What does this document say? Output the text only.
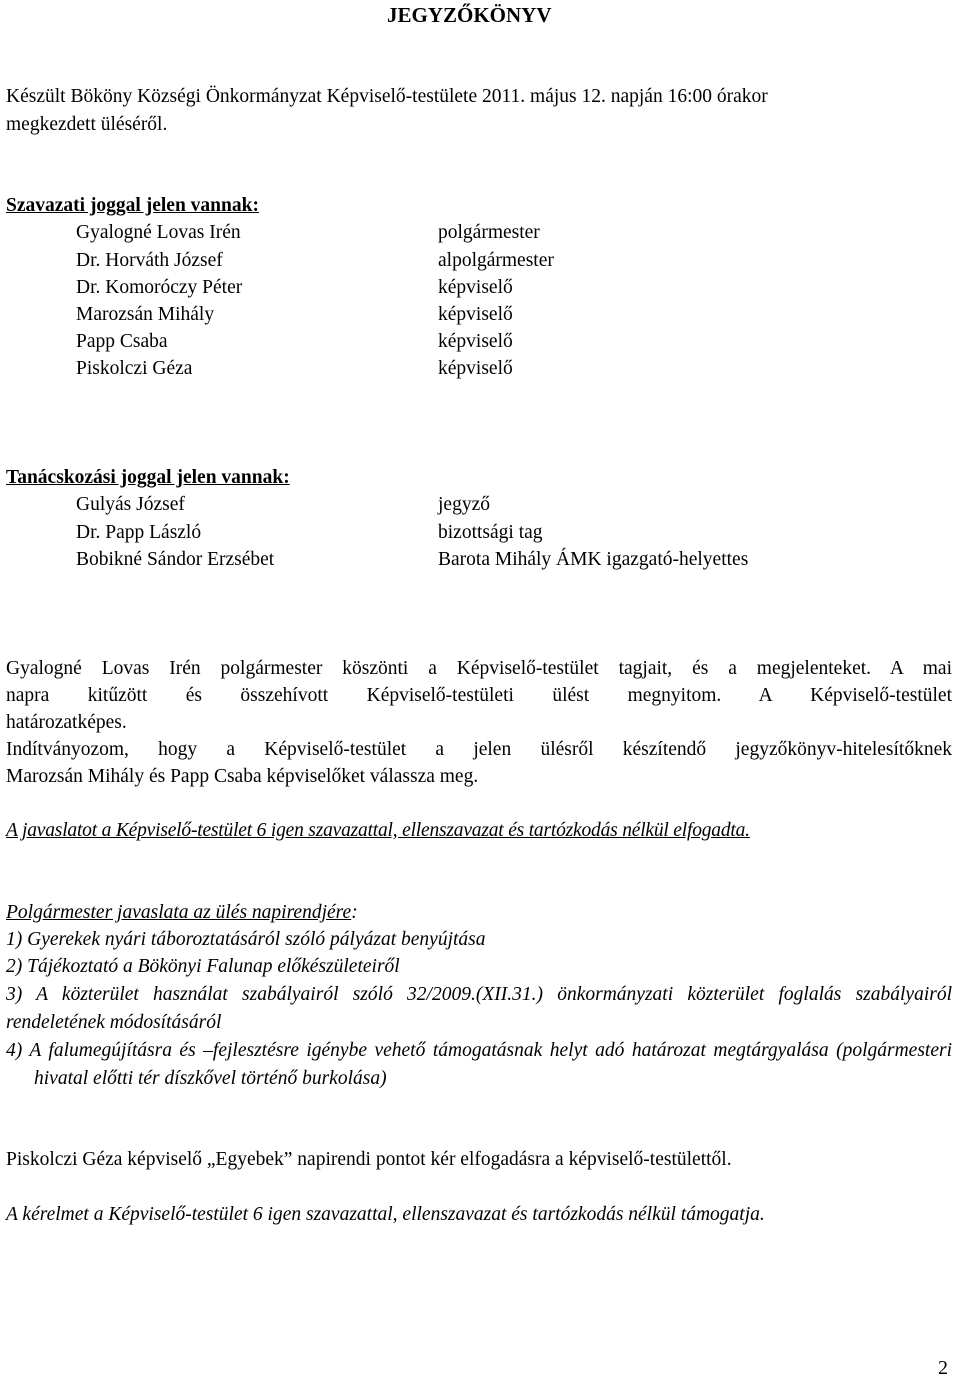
JEGYZŐKÖNYV
Készült Bököny Községi Önkormányzat Képviselő-testülete 2011. május 12. napján 16:00 órakor
megkezdett üléséről.
Szavazati joggal jelen vannak:
Gyalogné Lovas Irén	polgármester
Dr. Horváth József	alpolgármester
Dr. Komoróczy Péter	képviselő
Marozsán Mihály	képviselő
Papp Csaba	képviselő
Piskolczi Géza	képviselő
Tanácskozási joggal jelen vannak:
Gulyás József	jegyző
Dr. Papp László	bizottsági tag
Bobikné Sándor Erzsébet	Barota Mihály ÁMK igazgató-helyettes
Gyalogné Lovas Irén polgármester köszönti a Képviselő-testület tagjait, és a megjelenteket. A mai
napra kitűzött és összehívott Képviselő-testületi ülést megnyitom. A Képviselő-testület
határozatképes.
Indítványozom, hogy a Képviselő-testület a jelen ülésről készítendő jegyzőkönyv-hitelesítőknek
Marozsán Mihály és Papp Csaba képviselőket válassza meg.
A javaslatot a Képviselő-testület 6 igen szavazattal, ellenszavazat és tartózkodás nélkül elfogadta.
Polgármester javaslata az ülés napirendjére:
1) Gyerekek nyári táboroztatásáról szóló pályázat benyújtása
2) Tájékoztató a Bökönyi Falunap előkészületeiről
3) A közterület használat szabályairól szóló 32/2009.(XII.31.) önkormányzati közterület foglalás szabályairól
rendeletének módosításáról
4) A falumegújításra és –fejlesztésre igénybe vehető támogatásnak helyt adó határozat megtárgyalása (polgármesteri
hivatal előtti tér díszkővel történő burkolása)
Piskolczi Géza képviselő „Egyebek” napirendi pontot kér elfogadásra a képviselő-testülettől.
A kérelmet a Képviselő-testület 6 igen szavazattal, ellenszavazat és tartózkodás nélkül támogatja.
2
